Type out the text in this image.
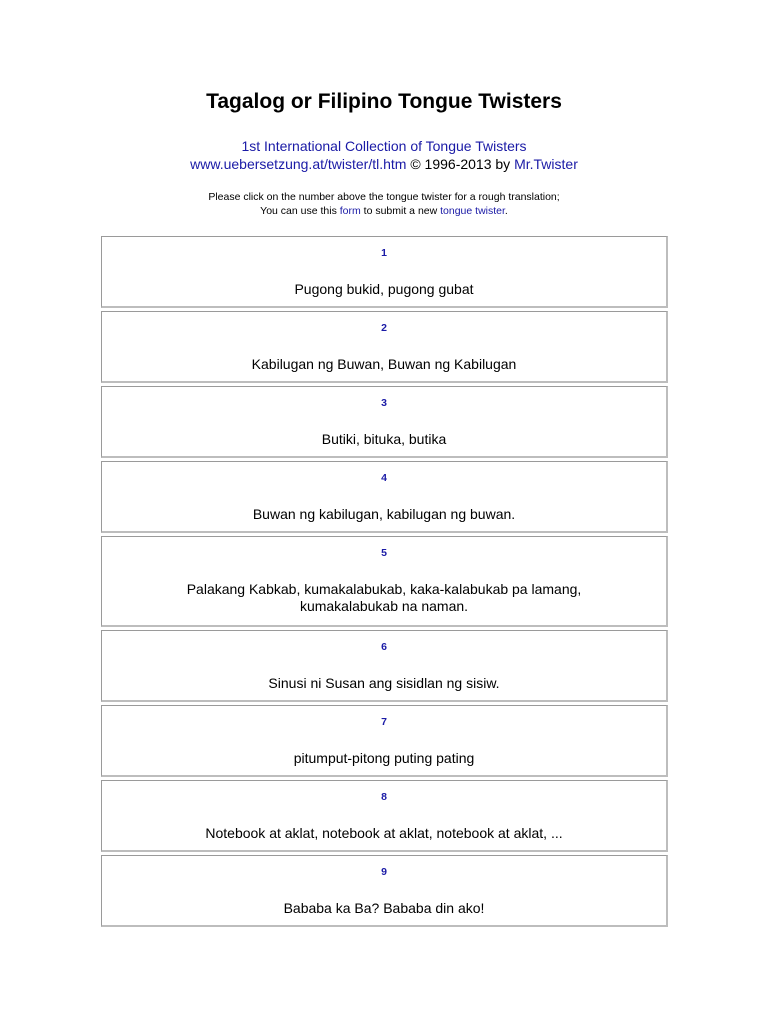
Tagalog or Filipino Tongue Twisters
1st International Collection of Tongue Twisters
www.uebersetzung.at/twister/tl.htm © 1996-2013 by Mr.Twister
Please click on the number above the tongue twister for a rough translation;
You can use this form to submit a new tongue twister.
1
Pugong bukid, pugong gubat
2
Kabilugan ng Buwan, Buwan ng Kabilugan
3
Butiki, bituka, butika
4
Buwan ng kabilugan, kabilugan ng buwan.
5
Palakang Kabkab, kumakalabukab, kaka-kalabukab pa lamang,
kumakalabukab na naman.
6
Sinusi ni Susan ang sisidlan ng sisiw.
7
pitumput-pitong puting pating
8
Notebook at aklat, notebook at aklat, notebook at aklat, ...
9
Bababa ka Ba? Bababa din ako!
